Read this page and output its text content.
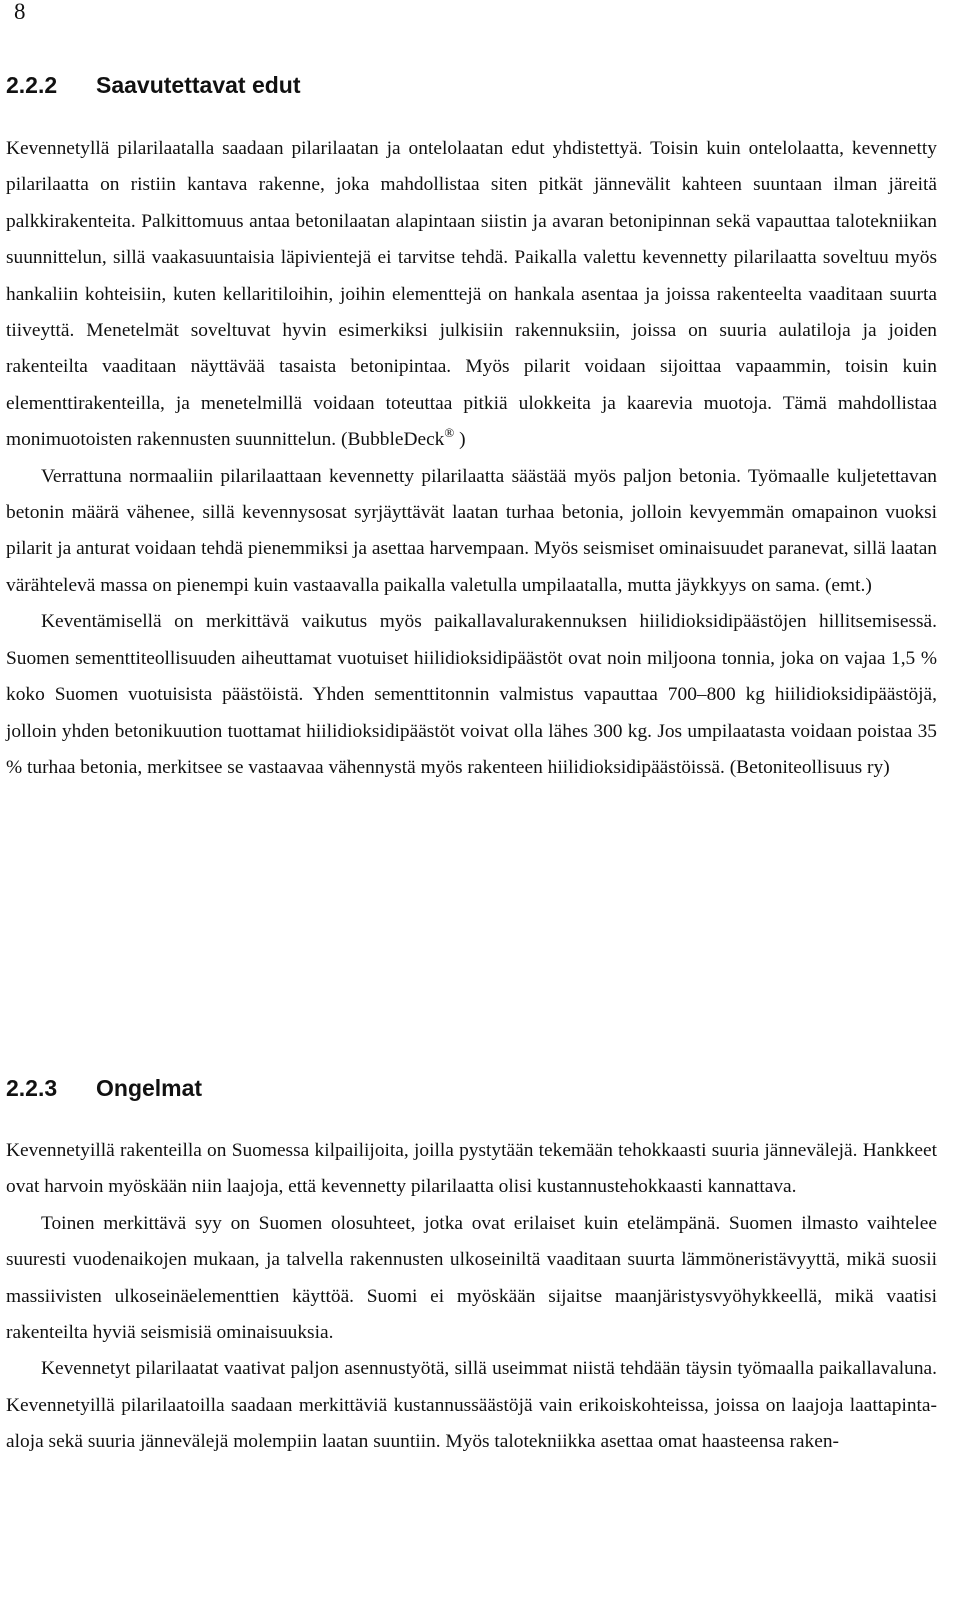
8
2.2.2 Saavutettavat edut

Kevennetyllä pilarilaatalla saadaan pilarilaatan ja ontelolaatan edut yhdistettyä. Toisin kuin ontelolaatta, kevennetty pilarilaatta on ristiin kantava rakenne, joka mahdollistaa siten pitkät jännevälit kahteen suuntaan ilman järeitä palkkirakenteita. Palkittomuus antaa betonilaatan alapintaan siistin ja avaran betonipinnan sekä vapauttaa talotekniikan suunnittelun, sillä vaakasuuntaisia läpivientejä ei tarvitse tehdä. Paikalla valettu kevennetty pilarilaatta soveltuu myös hankaliin kohteisiin, kuten kellaritiloihin, joihin elementtejä on hankala asentaa ja joissa rakenteelta vaaditaan suurta tiiveyttä. Menetelmät soveltuvat hyvin esimerkiksi julkisiin rakennuksiin, joissa on suuria aulatiloja ja joiden rakenteilta vaaditaan näyttävää tasaista betonipintaa. Myös pilarit voidaan sijoittaa vapaammin, toisin kuin elementtirakenteilla, ja menetelmillä voidaan toteuttaa pitkiä ulokkeita ja kaarevia muotoja. Tämä mahdollistaa monimuotoisten rakennusten suunnittelun. (BubbleDeck® )

Verrattuna normaaliin pilarilaattaan kevennetty pilarilaatta säästää myös paljon betonia. Työmaalle kuljetettavan betonin määrä vähenee, sillä kevennysosat syrjäyttävät laatan turhaa betonia, jolloin kevyemmän omapainon vuoksi pilarit ja anturat voidaan tehdä pienemmiksi ja asettaa harvempaan. Myös seismiset ominaisuudet paranevat, sillä laatan värähtelevä massa on pienempi kuin vastaavalla paikalla valetulla umpilaatalla, mutta jäykkyys on sama. (emt.)

Keventämisellä on merkittävä vaikutus myös paikallavalurakennuksen hiilidioksidipäästöjen hillitsemisessä. Suomen sementtiteollisuuden aiheuttamat vuotuiset hiilidioksidipäästöt ovat noin miljoona tonnia, joka on vajaa 1,5 % koko Suomen vuotuisista päästöistä. Yhden sementtitonnin valmistus vapauttaa 700–800 kg hiilidioksidipäästöjä, jolloin yhden betonikuution tuottamat hiilidioksidipäästöt voivat olla lähes 300 kg. Jos umpilaatasta voidaan poistaa 35 % turhaa betonia, merkitsee se vastaavaa vähennystä myös rakenteen hiilidioksidipäästöissä. (Betoniteollisuus ry)

2.2.3 Ongelmat

Kevennetyillä rakenteilla on Suomessa kilpailijoita, joilla pystytään tekemään tehokkaasti suuria jännevälejä. Hankkeet ovat harvoin myöskään niin laajoja, että kevennetty pilarilaatta olisi kustannustehokkaasti kannattava.

Toinen merkittävä syy on Suomen olosuhteet, jotka ovat erilaiset kuin etelämpänä. Suomen ilmasto vaihtelee suuresti vuodenaikojen mukaan, ja talvella rakennusten ulkoseiniltä vaaditaan suurta lämmöneristävyyttä, mikä suosii massiivisten ulkoseinäelementtien käyttöä. Suomi ei myöskään sijaitse maanjäristysvyöhykkeellä, mikä vaatisi rakenteilta hyviä seismisiä ominaisuuksia.

Kevennetyt pilarilaatat vaativat paljon asennustyötä, sillä useimmat niistä tehdään täysin työmaalla paikallavaluna. Kevennetyillä pilarilaatoilla saadaan merkittäviä kustannussäästöjä vain erikoiskohteissa, joissa on laajoja laattapinta-aloja sekä suuria jännevälejä molempiin laatan suuntiin. Myös talotekniikka asettaa omat haasteensa raken-
